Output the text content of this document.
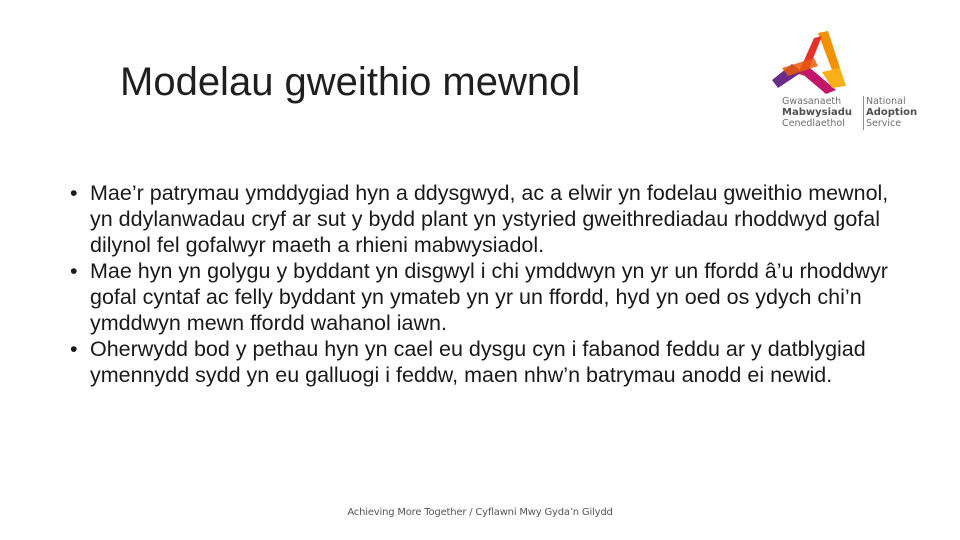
Modelau gweithio mewnol	Gwasanaeth
Mabwysiadu
Cenedlaethol
National
Adoption
Service
• Mae’r patrymau ymddygiad hyn a ddysgwyd, ac a elwir yn fodelau gweithio mewnol, yn ddylanwadau cryf ar sut y bydd plant yn ystyried gweithrediadau rhoddwyd gofal dilynol fel gofalwyr maeth a rhieni mabwysiadol.
• Mae hyn yn golygu y byddant yn disgwyl i chi ymddwyn yn yr un ffordd â’u rhoddwyr gofal cyntaf ac felly byddant yn ymateb yn yr un ffordd, hyd yn oed os ydych chi’n ymddwyn mewn ffordd wahanol iawn.
• Oherwydd bod y pethau hyn yn cael eu dysgu cyn i fabanod feddu ar y datblygiad ymennydd sydd yn eu galluogi i feddw, maen nhw’n batrymau anodd ei newid.
Achieving More Together / Cyflawni Mwy Gyda’n Gilydd
